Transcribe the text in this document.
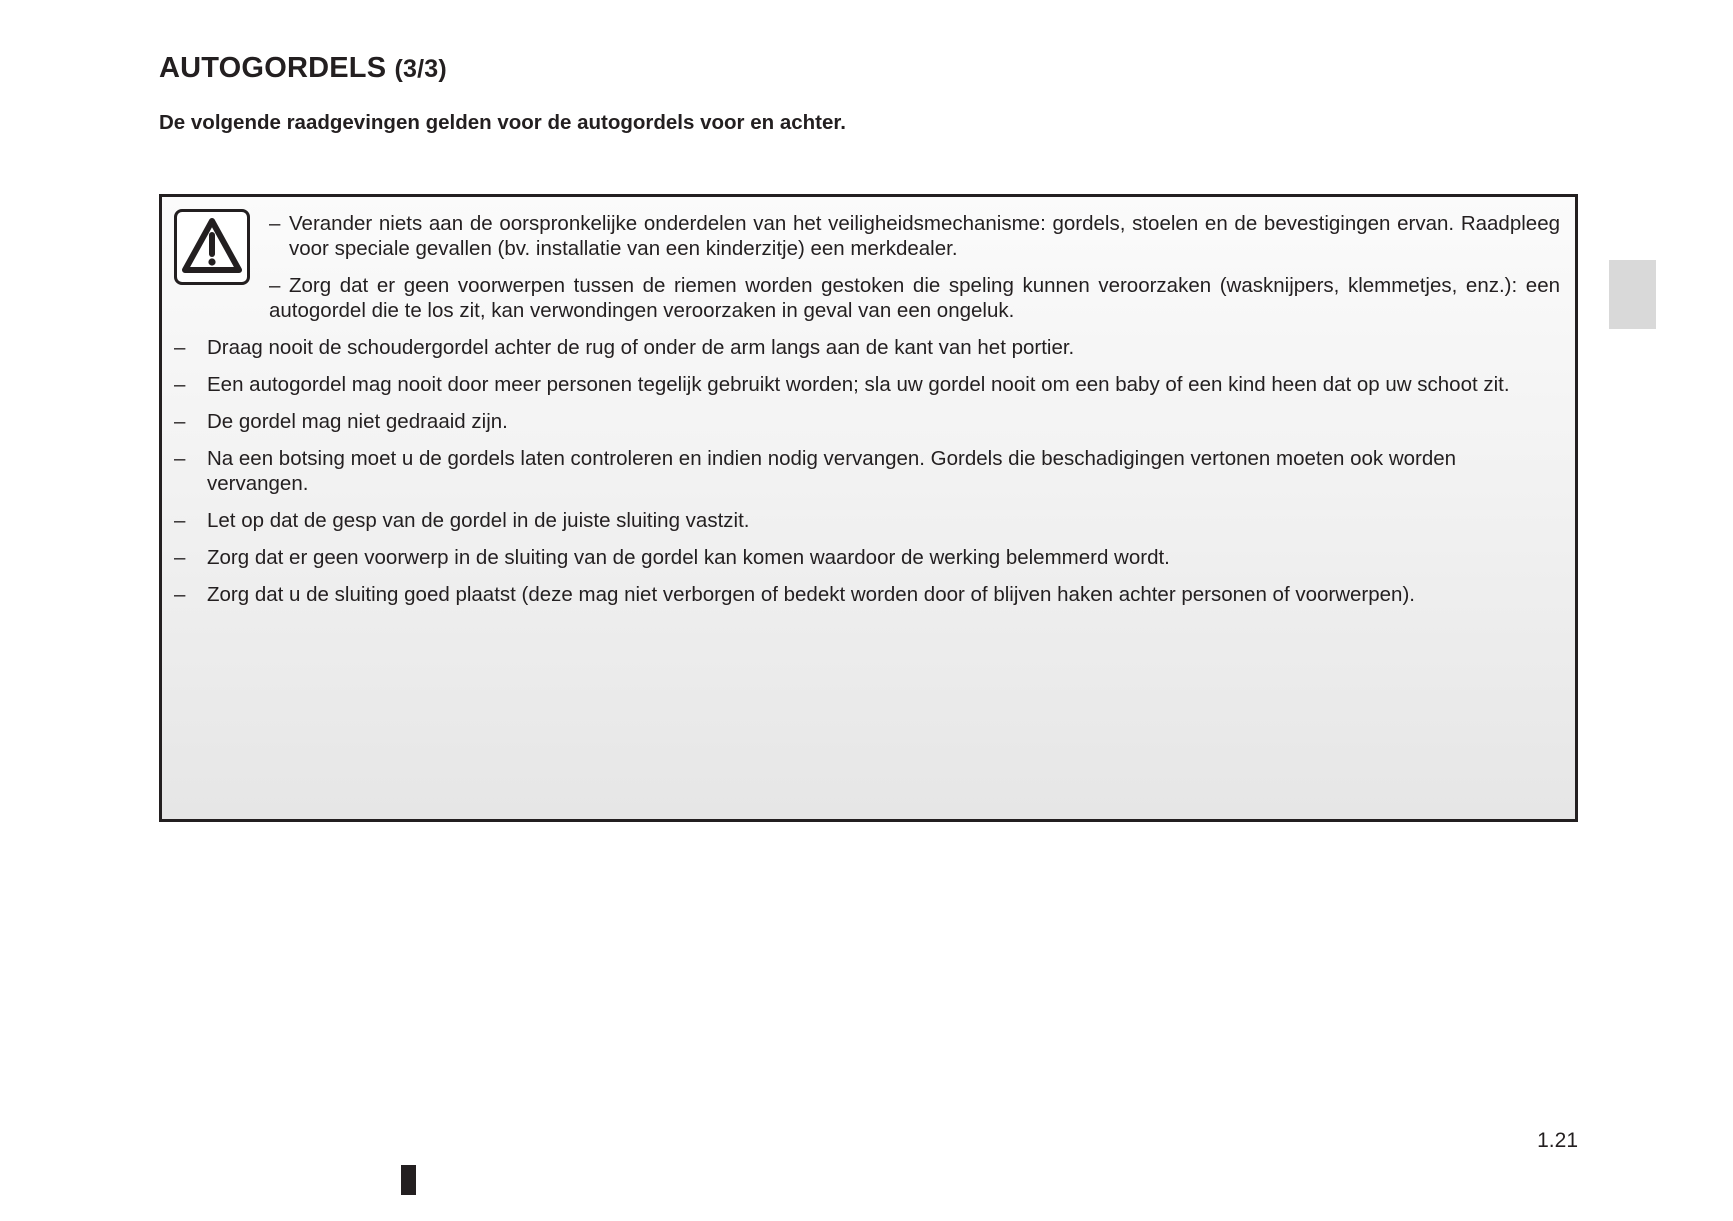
AUTOGORDELS (3/3)

De volgende raadgevingen gelden voor de autogordels voor en achter.

– Verander niets aan de oorspronkelijke onderdelen van het veiligheidsmechanisme: gordels, stoelen en de bevestigingen ervan. Raadpleeg voor speciale gevallen (bv. installatie van een kinderzitje) een merkdealer.
– Zorg dat er geen voorwerpen tussen de riemen worden gestoken die speling kunnen veroorzaken (wasknijpers, klemmetjes, enz.): een autogordel die te los zit, kan verwondingen veroorzaken in geval van een ongeluk.
– Draag nooit de schoudergordel achter de rug of onder de arm langs aan de kant van het portier.
– Een autogordel mag nooit door meer personen tegelijk gebruikt worden; sla uw gordel nooit om een baby of een kind heen dat op uw schoot zit.
– De gordel mag niet gedraaid zijn.
– Na een botsing moet u de gordels laten controleren en indien nodig vervangen. Gordels die beschadigingen vertonen moeten ook worden vervangen.
– Let op dat de gesp van de gordel in de juiste sluiting vastzit.
– Zorg dat er geen voorwerp in de sluiting van de gordel kan komen waardoor de werking belemmerd wordt.
– Zorg dat u de sluiting goed plaatst (deze mag niet verborgen of bedekt worden door of blijven haken achter personen of voorwerpen).
1.21
